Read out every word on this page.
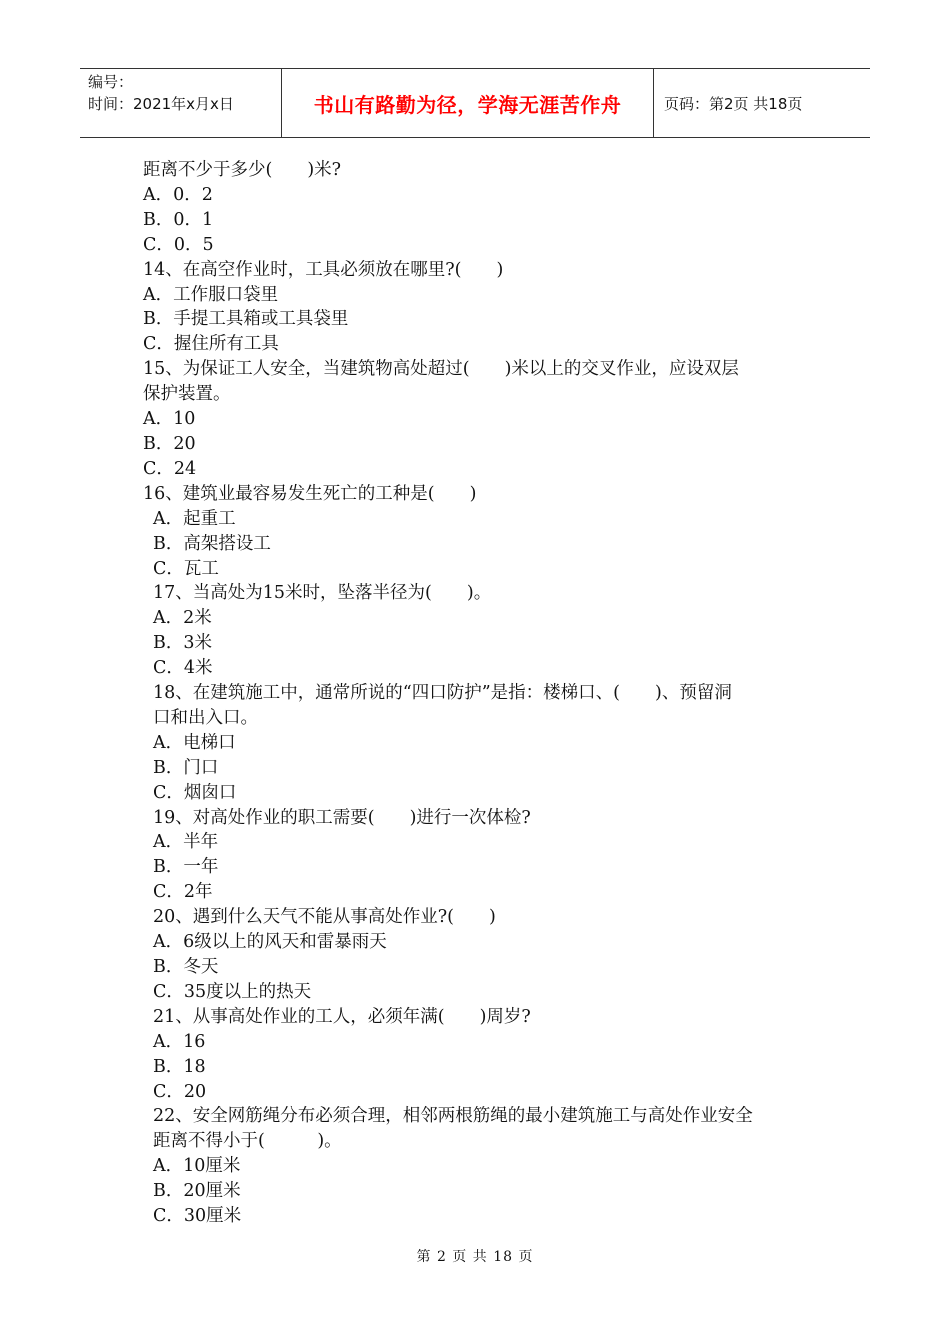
编号：
时间：2021年x月x日	书山有路勤为径，学海无涯苦作舟	页码：第2页 共18页
距离不少于多少(　　)米?
A．0．2
B．0．1
C．0．5
14、在高空作业时，工具必须放在哪里?(　　)
A．工作服口袋里
B．手提工具箱或工具袋里
C．握住所有工具
15、为保证工人安全，当建筑物高处超过(　　)米以上的交叉作业，应设双层
保护装置。
A．10
B．20
C．24
16、建筑业最容易发生死亡的工种是(　　)
A．起重工
B．高架搭设工
C．瓦工
17、当高处为15米时，坠落半径为(　　)。
A．2米
B．3米
C．4米
18、在建筑施工中，通常所说的“四口防护”是指：楼梯口、(　　)、预留洞
口和出入口。
A．电梯口
B．门口
C．烟囱口
19、对高处作业的职工需要(　　)进行一次体检?
A．半年
B．一年
C．2年
20、遇到什么天气不能从事高处作业?(　　)
A．6级以上的风天和雷暴雨天
B．冬天
C．35度以上的热天
21、从事高处作业的工人，必须年满(　　)周岁?
A．16
B．18
C．20
22、安全网筋绳分布必须合理，相邻两根筋绳的最小建筑施工与高处作业安全
距离不得小于(　　　)。
A．10厘米
B．20厘米
C．30厘米
第 2 页 共 18 页
